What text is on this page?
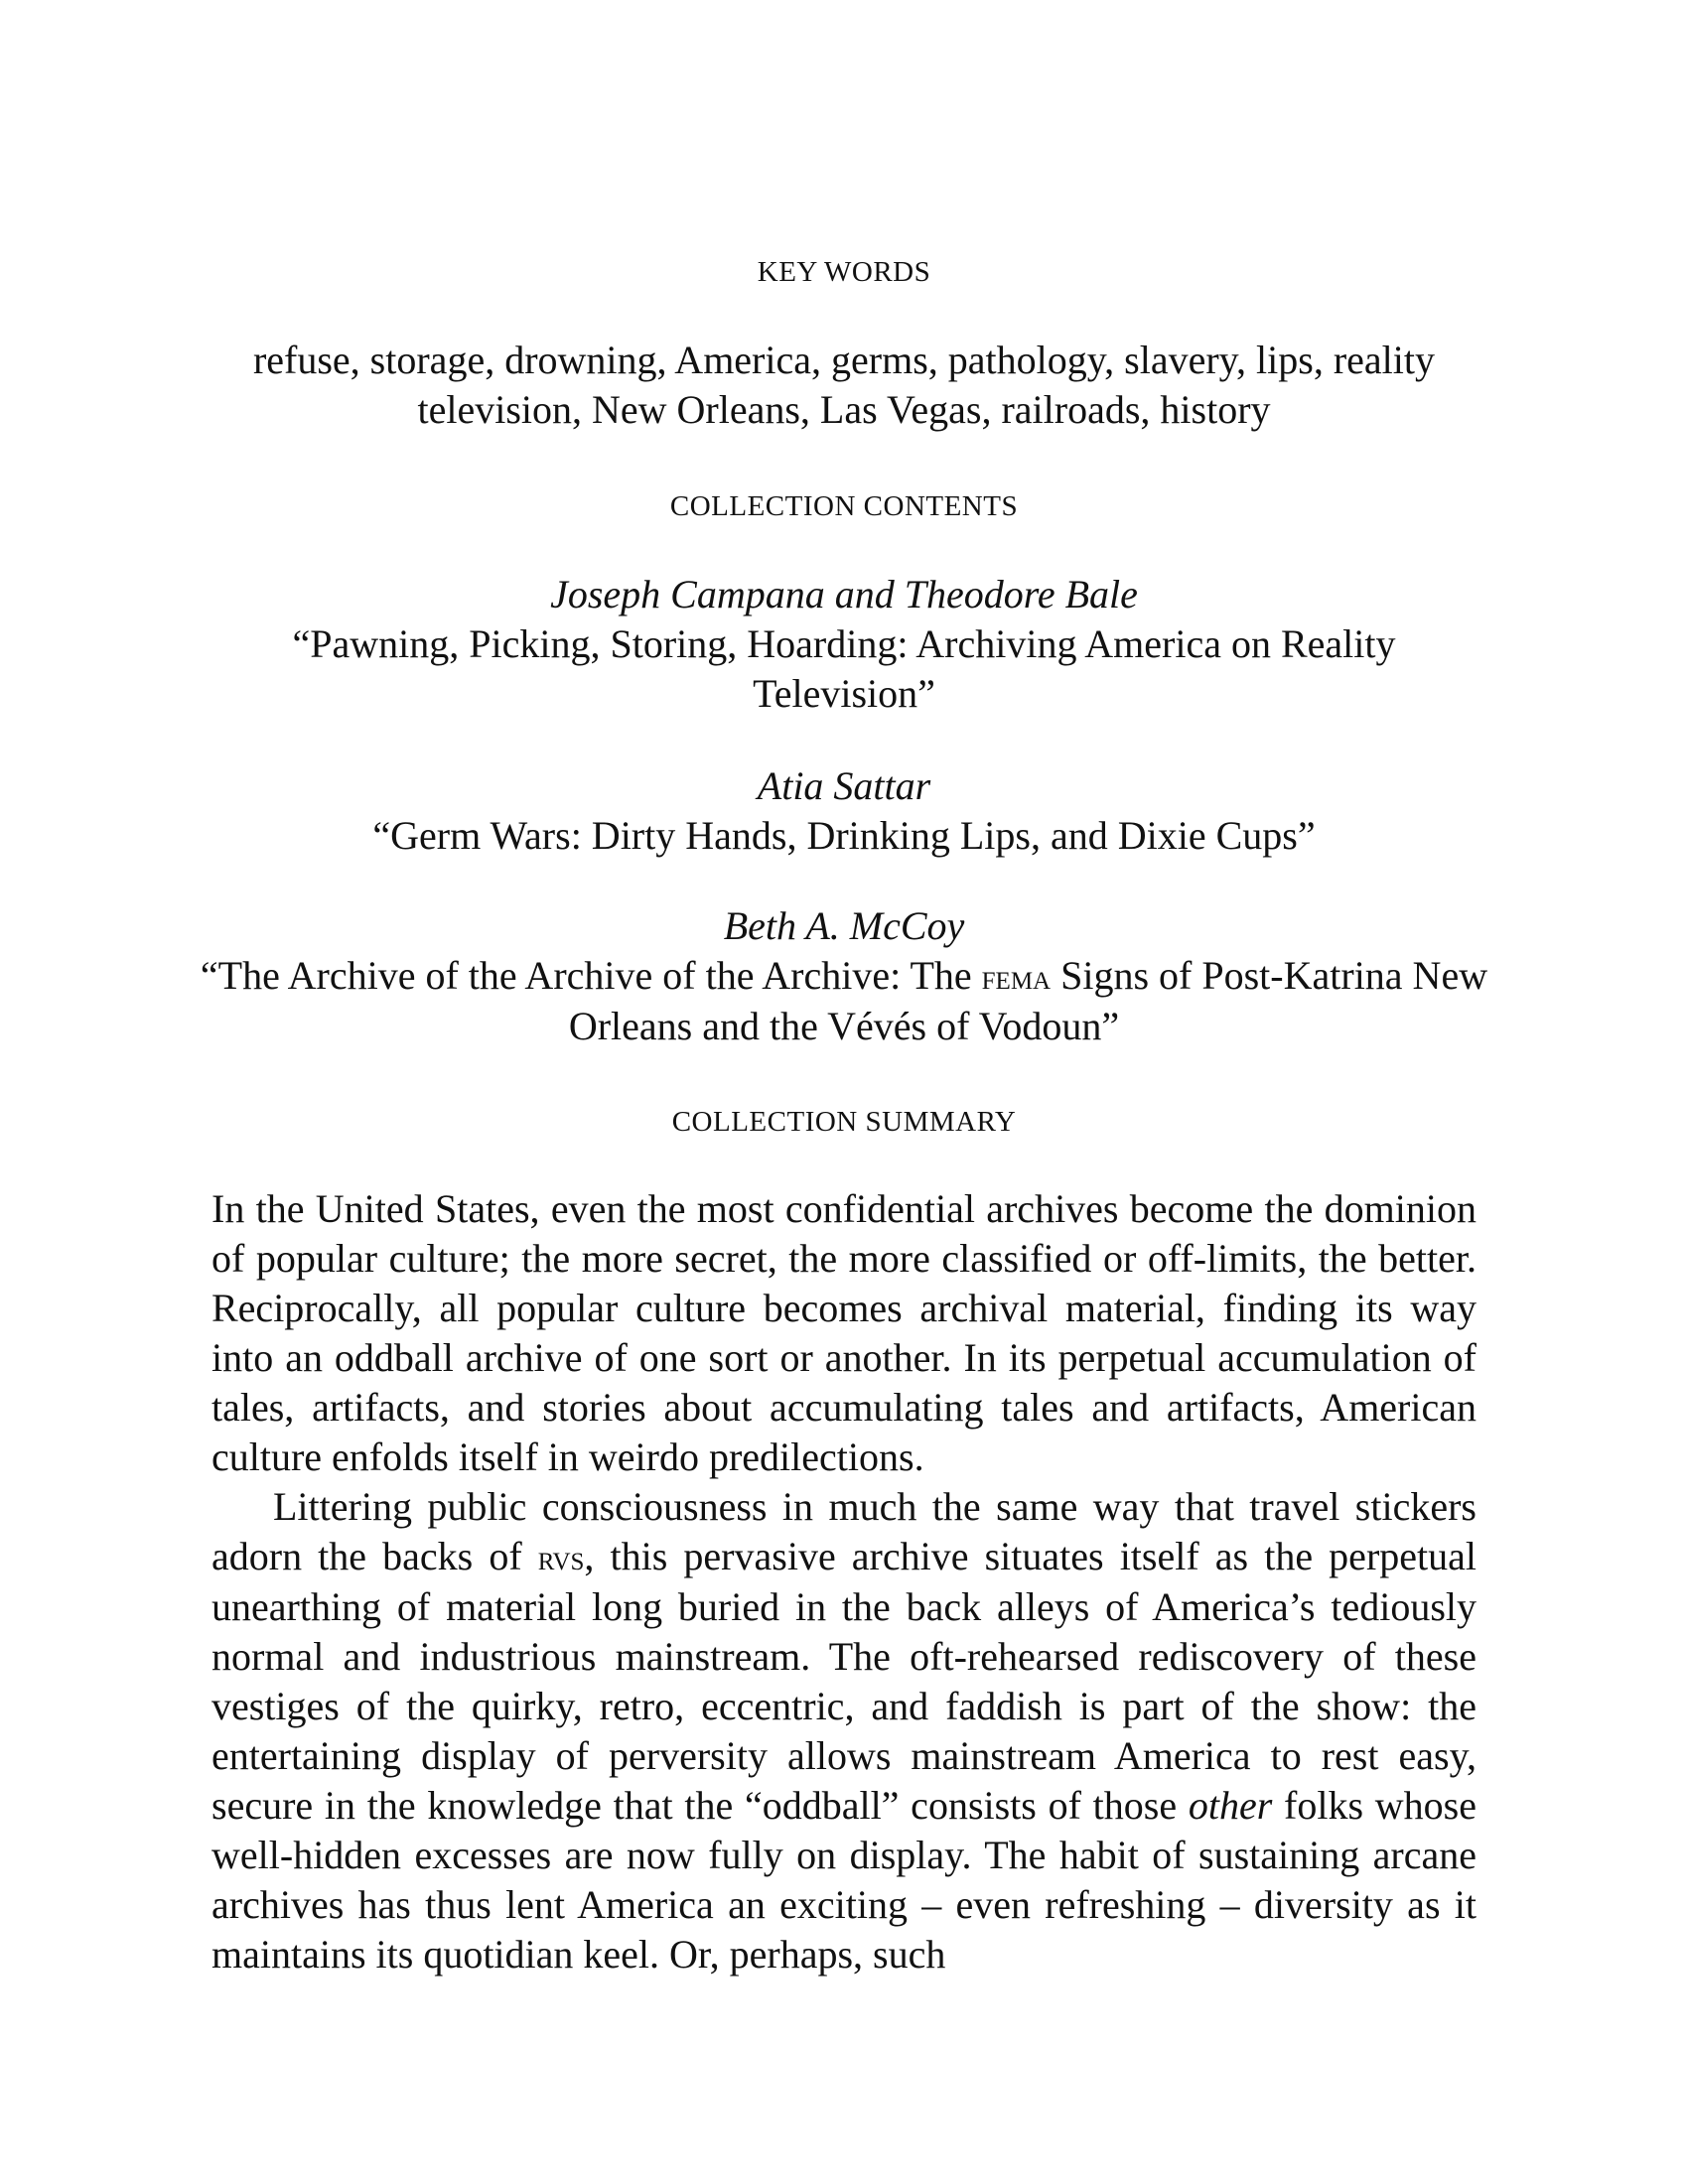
KEY WORDS

refuse, storage, drowning, America, germs, pathology, slavery, lips, reality television, New Orleans, Las Vegas, railroads, history

COLLECTION CONTENTS
Joseph Campana and Theodore Bale
“Pawning, Picking, Storing, Hoarding: Archiving America on Reality Television”
Atia Sattar
“Germ Wars: Dirty Hands, Drinking Lips, and Dixie Cups”
Beth A. McCoy
“The Archive of the Archive of the Archive: The fema Signs of Post-Katrina New Orleans and the Vévés of Vodoun”
COLLECTION SUMMARY

In the United States, even the most confidential archives become the dominion of popular culture; the more secret, the more classified or off-limits, the better. Reciprocally, all popular culture becomes archival material, finding its way into an oddball archive of one sort or another. In its perpetual accumulation of tales, artifacts, and stories about accumulating tales and artifacts, American culture enfolds itself in weirdo predilections.

Littering public consciousness in much the same way that travel stickers adorn the backs of rvs, this pervasive archive situates itself as the perpetual unearthing of material long buried in the back alleys of America’s tediously normal and industrious mainstream. The oft-rehearsed rediscovery of these vestiges of the quirky, retro, eccentric, and faddish is part of the show: the entertaining display of perversity allows mainstream America to rest easy, secure in the knowledge that the “oddball” consists of those other folks whose well-hidden excesses are now fully on display. The habit of sustaining arcane archives has thus lent America an exciting – even refreshing – diversity as it maintains its quotidian keel. Or, perhaps, such
